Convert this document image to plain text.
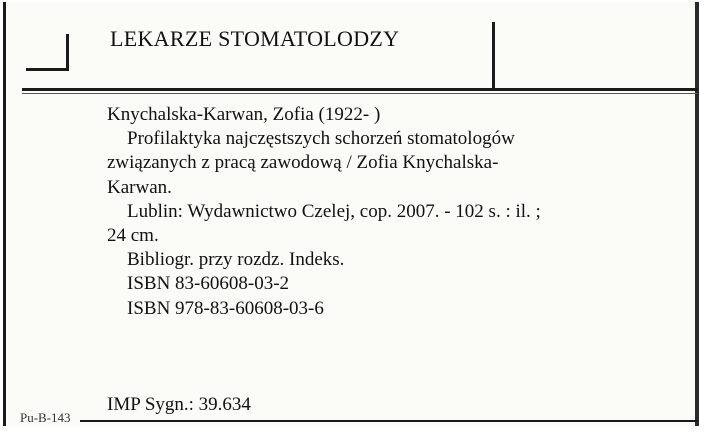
LEKARZE STOMATOLODZY
Knychalska-Karwan, Zofia (1922- )
Profilaktyka najczęstszych schorzeń stomatologów
związanych z pracą zawodową / Zofia Knychalska-
Karwan.
Lublin: Wydawnictwo Czelej, cop. 2007. - 102 s. : il. ;
24 cm.
Bibliogr. przy rozdz. Indeks.
ISBN 83-60608-03-2
ISBN 978-83-60608-03-6
IMP Sygn.: 39.634
Pu-B-143
